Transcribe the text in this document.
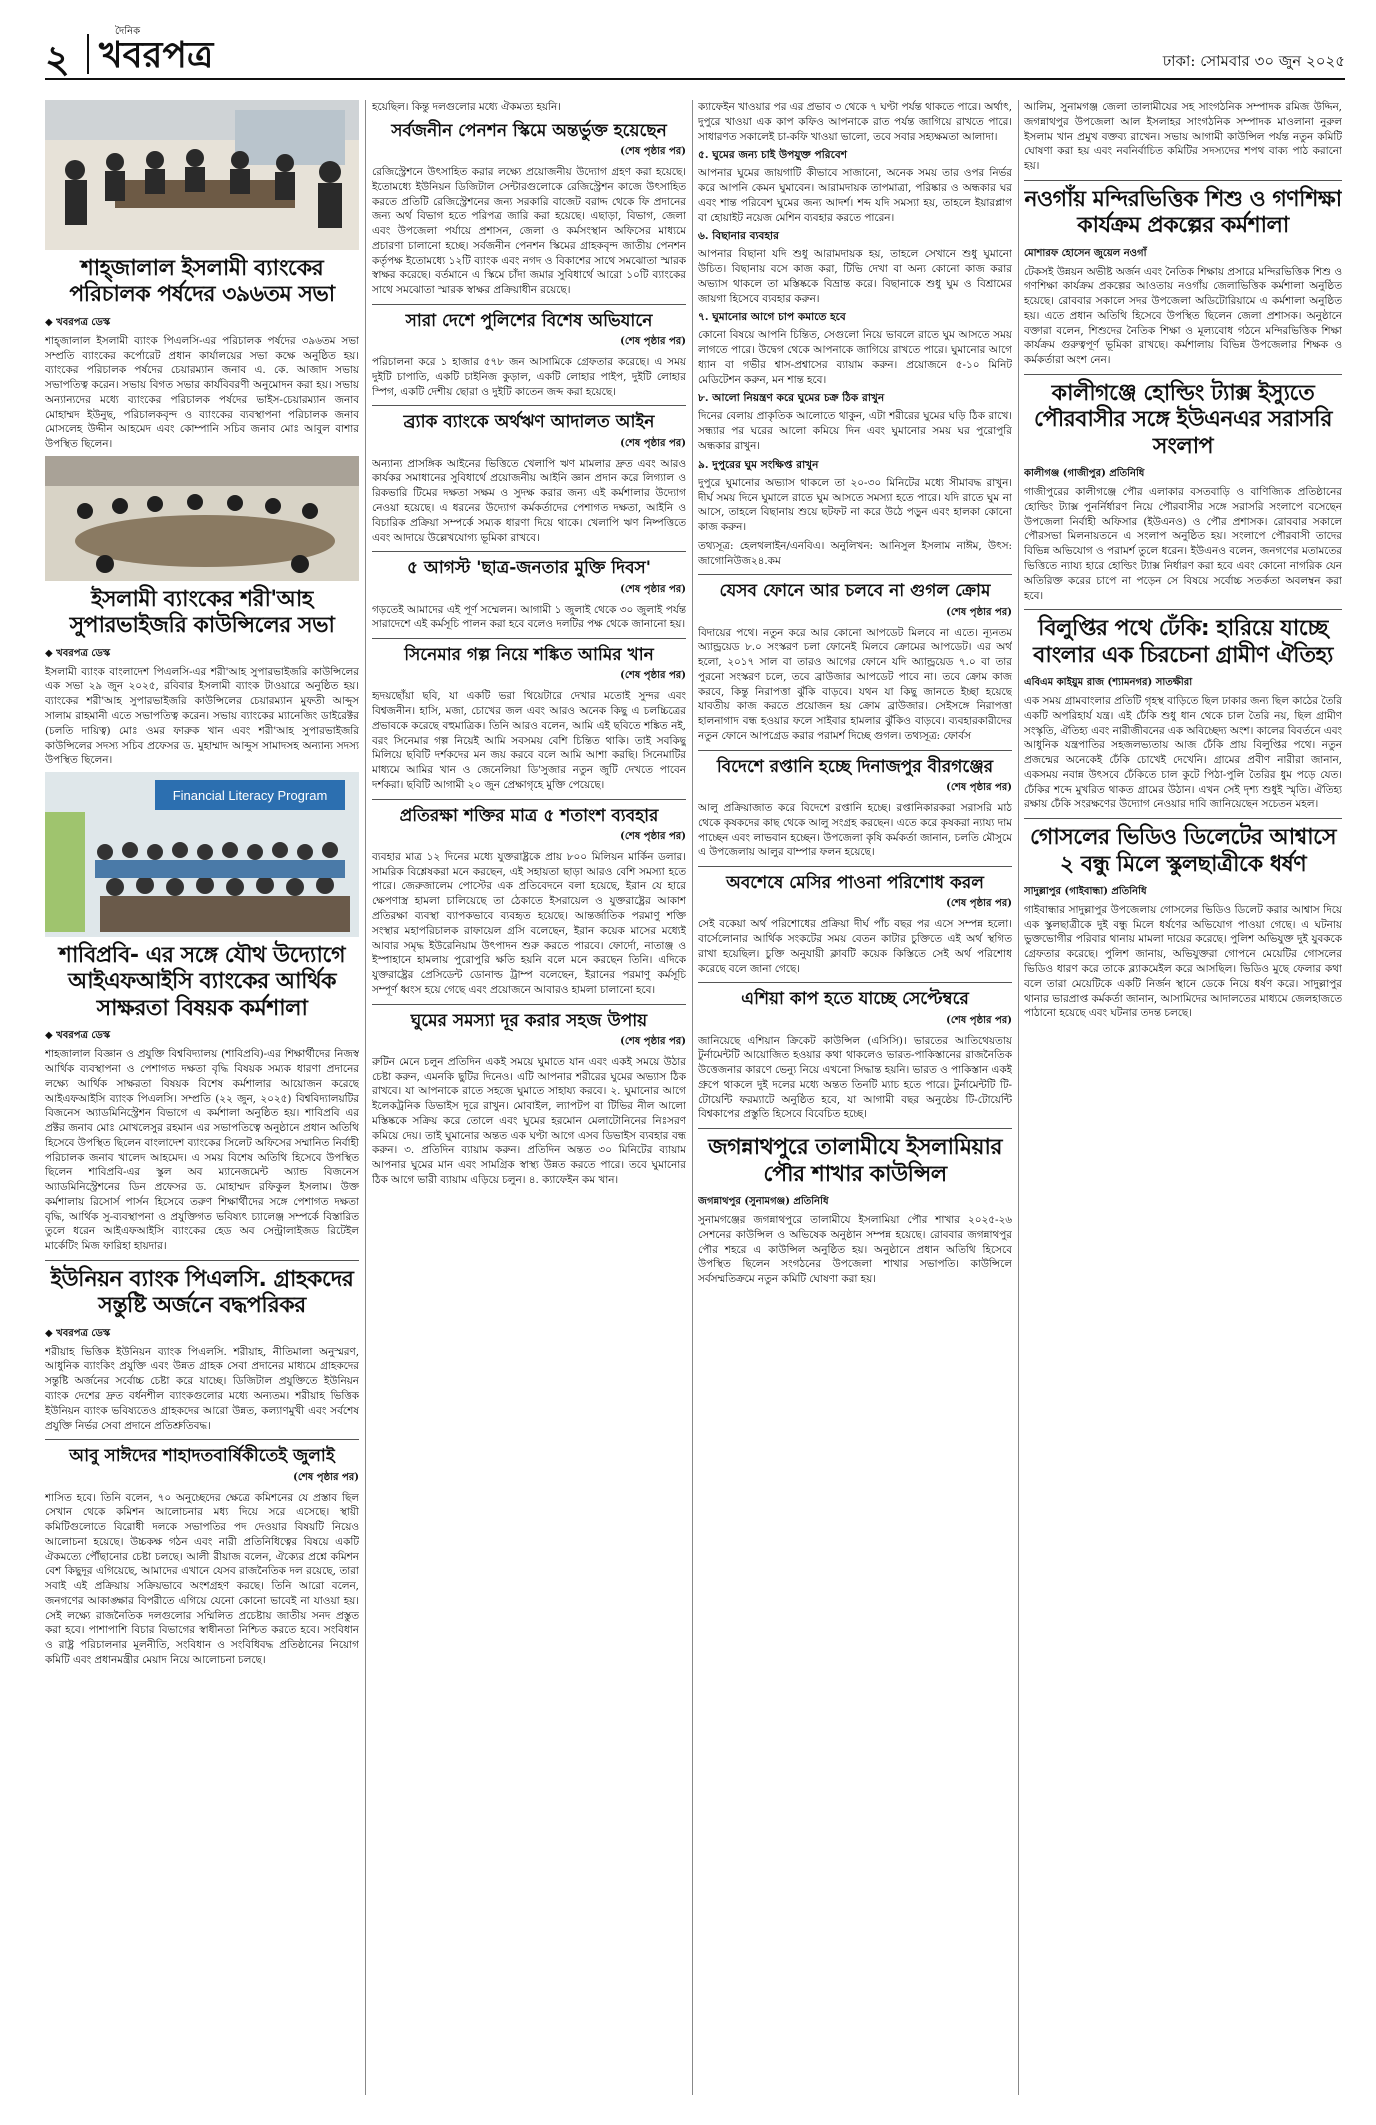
২
দৈনিক
খবরপত্র	ঢাকা: সোমবার ৩০ জুন ২০২৫
শাহ্জালাল ইসলামী ব্যাংকের পরিচালক পর্ষদের ৩৯৬তম সভা
◆ খবরপত্র ডেস্ক
শাহ্জালাল ইসলামী ব্যাংক পিএলসি-এর পরিচালক পর্ষদের ৩৯৬তম সভা সম্প্রতি ব্যাংকের কর্পোরেট প্রধান কার্যালয়ের সভা কক্ষে অনুষ্ঠিত হয়। ব্যাংকের পরিচালক পর্ষদের চেয়ারম্যান জনাব এ. কে. আজাদ সভায় সভাপতিত্ব করেন। সভায় বিগত সভার কার্যবিবরণী অনুমোদন করা হয়। সভায় অন্যান্যদের মধ্যে ব্যাংকের পরিচালক পর্ষদের ভাইস-চেয়ারম্যান জনাব মোহাম্মদ ইউনুছ, পরিচালকবৃন্দ ও ব্যাংকের ব্যবস্থাপনা পরিচালক জনাব মোসলেহ উদ্দীন আহমেদ এবং কোম্পানি সচিব জনাব মোঃ আবুল বাশার উপস্থিত ছিলেন।
ইসলামী ব্যাংকের শরী'আহ সুপারভাইজরি কাউন্সিলের সভা
◆ খবরপত্র ডেস্ক
ইসলামী ব্যাংক বাংলাদেশ পিএলসি-এর শরী'আহ সুপারভাইজরি কাউন্সিলের এক সভা ২৯ জুন ২০২৫, রবিবার ইসলামী ব্যাংক টাওয়ারে অনুষ্ঠিত হয়। ব্যাংকের শরী'আহ সুপারভাইজরি কাউন্সিলের চেয়ারম্যান মুফতী আব্দুস সালাম রাহমানী এতে সভাপতিত্ব করেন। সভায় ব্যাংকের ম্যানেজিং ডাইরেক্টর (চলতি দায়িত্ব) মোঃ ওমর ফারুক খান এবং শরী'আহ সুপারভাইজরি কাউন্সিলের সদস্য সচিব প্রফেসর ড. মুহাম্মাদ আব্দুস সামাদসহ অন্যান্য সদস্য উপস্থিত ছিলেন।
Financial Literacy Program
শাবিপ্রবি- এর সঙ্গে যৌথ উদ্যোগে আইএফআইসি ব্যাংকের আর্থিক সাক্ষরতা বিষয়ক কর্মশালা
◆ খবরপত্র ডেস্ক
শাহজালাল বিজ্ঞান ও প্রযুক্তি বিশ্ববিদ্যালয় (শাবিপ্রবি)-এর শিক্ষার্থীদের নিজস্ব আর্থিক ব্যবস্থাপনা ও পেশাগত দক্ষতা বৃদ্ধি বিষয়ক সম্যক ধারণা প্রদানের লক্ষ্যে আর্থিক সাক্ষরতা বিষয়ক বিশেষ কর্মশালার আয়োজন করেছে আইএফআইসি ব্যাংক পিএলসি। সম্প্রতি (২২ জুন, ২০২৫) বিশ্ববিদ্যালয়টির বিজনেস অ্যাডমিনিস্ট্রেশন বিভাগে এ কর্মশালা অনুষ্ঠিত হয়। শাবিপ্রবি এর প্রক্টর জনাব মোঃ মোখলেসুর রহমান এর সভাপতিত্বে অনুষ্ঠানে প্রধান অতিথি হিসেবে উপস্থিত ছিলেন বাংলাদেশ ব্যাংকের সিলেট অফিসের সম্মানিত নির্বাহী পরিচালক জনাব খালেদ আহমেদ। এ সময় বিশেষ অতিথি হিসেবে উপস্থিত ছিলেন শাবিপ্রবি-এর স্কুল অব ম্যানেজমেন্ট অ্যান্ড বিজনেস অ্যাডমিনিস্ট্রেশনের ডিন প্রফেসর ড. মোহাম্মদ রফিকুল ইসলাম। উক্ত কর্মশালায় রিসোর্স পার্সন হিসেবে তরুণ শিক্ষার্থীদের সঙ্গে পেশাগত দক্ষতা বৃদ্ধি, আর্থিক সু-ব্যবস্থাপনা ও প্রযুক্তিগত ভবিষ্যৎ চ্যালেঞ্জ সম্পর্কে বিস্তারিত তুলে ধরেন আইএফআইসি ব্যাংকের হেড অব সেন্ট্রালাইজড রিটেইল মার্কেটিং মিজ ফারিহা হায়দার।
ইউনিয়ন ব্যাংক পিএলসি. গ্রাহকদের সন্তুষ্টি অর্জনে বদ্ধপরিকর
◆ খবরপত্র ডেস্ক
শরীয়াহ ভিত্তিক ইউনিয়ন ব্যাংক পিএলসি. শরীয়াহ, নীতিমালা অনুস্মরণ, আধুনিক ব্যাংকিং প্রযুক্তি এবং উন্নত গ্রাহক সেবা প্রদানের মাধ্যমে গ্রাহকদের সন্তুষ্টি অর্জনের সর্বোচ্চ চেষ্টা করে যাচ্ছে। ডিজিটাল প্রযুক্তিতে ইউনিয়ন ব্যাংক দেশের দ্রুত বর্ধনশীল ব্যাংকগুলোর মধ্যে অন্যতম। শরীয়াহ ভিত্তিক ইউনিয়ন ব্যাংক ভবিষ্যতেও গ্রাহকদের আরো উন্নত, কল্যাণমুখী এবং সর্বশেষ প্রযুক্তি নির্ভর সেবা প্রদানে প্রতিশ্রুতিবদ্ধ।
আবু সাঈদের শাহাদতবার্ষিকীতেই জুলাই
(শেষ পৃষ্ঠার পর)
শাসিত হবে। তিনি বলেন, ৭০ অনুচ্ছেদের ক্ষেত্রে কমিশনের যে প্রস্তাব ছিল সেখান থেকে কমিশন আলোচনার মধ্য দিয়ে সরে এসেছে। স্থায়ী কমিটিগুলোতে বিরোধী দলকে সভাপতির পদ দেওয়ার বিষয়টি নিয়েও আলোচনা হয়েছে। উচ্চকক্ষ গঠন এবং নারী প্রতিনিধিত্বের বিষয়ে একটি ঐকমত্যে পৌঁছানোর চেষ্টা চলছে। আলী রীয়াজ বলেন, ঐক্যের প্রশ্নে কমিশন বেশ কিছুদূর এগিয়েছে, আমাদের এখানে যেসব রাজনৈতিক দল রয়েছে, তারা সবাই এই প্রক্রিয়ায় সক্রিয়ভাবে অংশগ্রহণ করছে। তিনি আরো বলেন, জনগণের আকাঙ্ক্ষার বিপরীতে এগিয়ে যেনো কোনো ভাবেই না যাওয়া হয়। সেই লক্ষ্যে রাজনৈতিক দলগুলোর সম্মিলিত প্রচেষ্টায় জাতীয় সনদ প্রস্তুত করা হবে। পাশাপাশি বিচার বিভাগের স্বাধীনতা নিশ্চিত করতে হবে। সংবিধান ও রাষ্ট্র পরিচালনার মূলনীতি, সংবিধান ও সংবিধিবদ্ধ প্রতিষ্ঠানের নিয়োগ কমিটি এবং প্রধানমন্ত্রীর মেয়াদ নিয়ে আলোচনা চলছে।
হয়েছিল। কিন্তু দলগুলোর মধ্যে ঐকমত্য হয়নি।
সর্বজনীন পেনশন স্কিমে অন্তর্ভুক্ত হয়েছেন
(শেষ পৃষ্ঠার পর)
রেজিস্ট্রেশনে উৎসাহিত করার লক্ষ্যে প্রয়োজনীয় উদ্যোগ গ্রহণ করা হয়েছে। ইতোমধ্যে ইউনিয়ন ডিজিটাল সেন্টারগুলোকে রেজিস্ট্রেশন কাজে উৎসাহিত করতে প্রতিটি রেজিস্ট্রেশনের জন্য সরকারি বাজেট বরাদ্দ থেকে ফি প্রদানের জন্য অর্থ বিভাগ হতে পরিপত্র জারি করা হয়েছে। এছাড়া, বিভাগ, জেলা এবং উপজেলা পর্যায়ে প্রশাসন, জেলা ও কর্মসংস্থান অফিসের মাধ্যমে প্রচারণা চালানো হচ্ছে। সর্বজনীন পেনশন স্কিমের গ্রাহকবৃন্দ জাতীয় পেনশন কর্তৃপক্ষ ইতোমধ্যে ১২টি ব্যাংক এবং নগদ ও বিকাশের সাথে সমঝোতা স্মারক স্বাক্ষর করেছে। বর্তমানে এ স্কিমে চাঁদা জমার সুবিধার্থে আরো ১০টি ব্যাংকের সাথে সমঝোতা স্মারক স্বাক্ষর প্রক্রিয়াধীন রয়েছে।
সারা দেশে পুলিশের বিশেষ অভিযানে
(শেষ পৃষ্ঠার পর)
পরিচালনা করে ১ হাজার ৫৭৮ জন আসামিকে গ্রেফতার করেছে। এ সময় দুইটি চাপাতি, একটি চাইনিজ কুড়াল, একটি লোহার পাইপ, দুইটি লোহার স্পিগ, একটি দেশীয় ছোরা ও দুইটি কাতেন জব্দ করা হয়েছে।
ব্র্যাক ব্যাংকে অর্থঋণ আদালত আইন
(শেষ পৃষ্ঠার পর)
অন্যান্য প্রাসঙ্গিক আইনের ভিত্তিতে খেলাপি ঋণ মামলার দ্রুত এবং আরও কার্যকর সমাধানের সুবিধার্থে প্রয়োজনীয় আইনি জ্ঞান প্রদান করে লিগ্যাল ও রিকভারি টিমের দক্ষতা সক্ষম ও সুদক্ষ করার জন্য এই কর্মশালার উদ্যোগ নেওয়া হয়েছে। এ ধরনের উদ্যোগ কর্মকর্তাদের পেশাগত দক্ষতা, আইনি ও বিচারিক প্রক্রিয়া সম্পর্কে সম্যক ধারণা দিয়ে থাকে। খেলাপি ঋণ নিষ্পত্তিতে এবং আদায়ে উল্লেখযোগ্য ভূমিকা রাখবে।
৫ আগস্ট 'ছাত্র-জনতার মুক্তি দিবস'
(শেষ পৃষ্ঠার পর)
গড়তেই আমাদের এই পূর্ণ সম্মেলন। আগামী ১ জুলাই থেকে ৩০ জুলাই পর্যন্ত সারাদেশে এই কর্মসূচি পালন করা হবে বলেও দলটির পক্ষ থেকে জানানো হয়।
সিনেমার গল্প নিয়ে শঙ্কিত আমির খান
(শেষ পৃষ্ঠার পর)
হৃদয়ছোঁয়া ছবি, যা একটি ভরা থিয়েটারে দেখার মতোই সুন্দর এবং বিশ্বজনীন। হাসি, মজা, চোখের জল এবং আরও অনেক কিছু এ চলচ্চিত্রের প্রভাবকে করেছে বহুমাত্রিক। তিনি আরও বলেন, আমি এই ছবিতে শঙ্কিত নই, বরং সিনেমার গল্প নিয়েই আমি সবসময় বেশি চিন্তিত থাকি। তাই সবকিছু মিলিয়ে ছবিটি দর্শকদের মন জয় করবে বলে আমি আশা করছি। সিনেমাটির মাধ্যমে আমির খান ও জেনেলিয়া ডি'সুজার নতুন জুটি দেখতে পাবেন দর্শকরা। ছবিটি আগামী ২০ জুন প্রেক্ষাগৃহে মুক্তি পেয়েছে।
প্রতিরক্ষা শক্তির মাত্র ৫ শতাংশ ব্যবহার
(শেষ পৃষ্ঠার পর)
ব্যবহার মাত্র ১২ দিনের মধ্যে যুক্তরাষ্ট্রকে প্রায় ৮০০ মিলিয়ন মার্কিন ডলার। সামরিক বিশ্লেষকরা মনে করছেন, এই সহায়তা ছাড়া আরও বেশি সমস্যা হতে পারে। জেরুজালেম পোস্টের এক প্রতিবেদনে বলা হয়েছে, ইরান যে হারে ক্ষেপণাস্ত্র হামলা চালিয়েছে তা ঠেকাতে ইসরায়েল ও যুক্তরাষ্ট্রের আকাশ প্রতিরক্ষা ব্যবস্থা ব্যাপকভাবে ব্যবহৃত হয়েছে। আন্তর্জাতিক পরমাণু শক্তি সংস্থার মহাপরিচালক রাফায়েল গ্রসি বলেছেন, ইরান কয়েক মাসের মধ্যেই আবার সমৃদ্ধ ইউরেনিয়াম উৎপাদন শুরু করতে পারবে। ফোর্দো, নাতাঞ্জ ও ইস্পাহানে হামলায় পুরোপুরি ক্ষতি হয়নি বলে মনে করছেন তিনি। এদিকে যুক্তরাষ্ট্রের প্রেসিডেন্ট ডোনাল্ড ট্রাম্প বলেছেন, ইরানের পরমাণু কর্মসূচি সম্পূর্ণ ধ্বংস হয়ে গেছে এবং প্রয়োজনে আবারও হামলা চালানো হবে।
ঘুমের সমস্যা দূর করার সহজ উপায়
(শেষ পৃষ্ঠার পর)
রুটিন মেনে চলুন প্রতিদিন একই সময়ে ঘুমাতে যান এবং একই সময়ে উঠার চেষ্টা করুন, এমনকি ছুটির দিনেও। এটি আপনার শরীরের ঘুমের অভ্যাস ঠিক রাখবে। যা আপনাকে রাতে সহজে ঘুমাতে সাহায্য করবে। ২. ঘুমানোর আগে ইলেকট্রনিক ডিভাইস দূরে রাখুন। মোবাইল, ল্যাপটপ বা টিভির নীল আলো মস্তিষ্ককে সক্রিয় করে তোলে এবং ঘুমের হরমোন মেলাটোনিনের নিঃসরণ কমিয়ে দেয়। তাই ঘুমানোর অন্তত এক ঘণ্টা আগে এসব ডিভাইস ব্যবহার বন্ধ করুন। ৩. প্রতিদিন ব্যায়াম করুন। প্রতিদিন অন্তত ৩০ মিনিটের ব্যায়াম আপনার ঘুমের মান এবং সামগ্রিক স্বাস্থ্য উন্নত করতে পারে। তবে ঘুমানোর ঠিক আগে ভারী ব্যায়াম এড়িয়ে চলুন। ৪. ক্যাফেইন কম খান।
ক্যাফেইন খাওয়ার পর এর প্রভাব ৩ থেকে ৭ ঘণ্টা পর্যন্ত থাকতে পারে। অর্থাৎ, দুপুরে খাওয়া এক কাপ কফিও আপনাকে রাত পর্যন্ত জাগিয়ে রাখতে পারে। সাধারণত সকালেই চা-কফি খাওয়া ভালো, তবে সবার সহ্যক্ষমতা আলাদা।
৫. ঘুমের জন্য চাই উপযুক্ত পরিবেশ
আপনার ঘুমের জায়গাটি কীভাবে সাজানো, অনেক সময় তার ওপর নির্ভর করে আপনি কেমন ঘুমাবেন। আরামদায়ক তাপমাত্রা, পরিষ্কার ও অন্ধকার ঘর এবং শান্ত পরিবেশ ঘুমের জন্য আদর্শ। শব্দ যদি সমস্যা হয়, তাহলে ইয়ারপ্লাগ বা হোয়াইট নয়েজ মেশিন ব্যবহার করতে পারেন।
৬. বিছানার ব্যবহার
আপনার বিছানা যদি শুধু আরামদায়ক হয়, তাহলে সেখানে শুধু ঘুমানো উচিত। বিছানায় বসে কাজ করা, টিভি দেখা বা অন্য কোনো কাজ করার অভ্যাস থাকলে তা মস্তিষ্ককে বিভ্রান্ত করে। বিছানাকে শুধু ঘুম ও বিশ্রামের জায়গা হিসেবে ব্যবহার করুন।
৭. ঘুমানোর আগে চাপ কমাতে হবে
কোনো বিষয়ে আপনি চিন্তিত, সেগুলো নিয়ে ভাবলে রাতে ঘুম আসতে সময় লাগতে পারে। উদ্বেগ থেকে আপনাকে জাগিয়ে রাখতে পারে। ঘুমানোর আগে ধ্যান বা গভীর শ্বাস-প্রশ্বাসের ব্যায়াম করুন। প্রয়োজনে ৫-১০ মিনিট মেডিটেশন করুন, মন শান্ত হবে।
৮. আলো নিয়ন্ত্রণ করে ঘুমের চক্র ঠিক রাখুন
দিনের বেলায় প্রাকৃতিক আলোতে থাকুন, এটা শরীরের ঘুমের ঘড়ি ঠিক রাখে। সন্ধ্যার পর ঘরের আলো কমিয়ে দিন এবং ঘুমানোর সময় ঘর পুরোপুরি অন্ধকার রাখুন।
৯. দুপুরের ঘুম সংক্ষিপ্ত রাখুন
দুপুরে ঘুমানোর অভ্যাস থাকলে তা ২০-৩০ মিনিটের মধ্যে সীমাবদ্ধ রাখুন। দীর্ঘ সময় দিনে ঘুমালে রাতে ঘুম আসতে সমস্যা হতে পারে। যদি রাতে ঘুম না আসে, তাহলে বিছানায় শুয়ে ছটফট না করে উঠে পড়ুন এবং হালকা কোনো কাজ করুন।
তথ্যসূত্র: হেলথলাইন/এনবিএ। অনুলিখন: আনিসুল ইসলাম নাঈম, উৎস: জাগোনিউজ২৪.কম
যেসব ফোনে আর চলবে না গুগল ক্রোম
(শেষ পৃষ্ঠার পর)
বিদায়ের পথে। নতুন করে আর কোনো আপডেট মিলবে না এতে। ন্যূনতম অ্যান্ড্রয়েড ৮.০ সংস্করণ চলা ফোনেই মিলবে ক্রোমের আপডেট। এর অর্থ হলো, ২০১৭ সাল বা তারও আগের ফোনে যদি অ্যান্ড্রয়েড ৭.০ বা তার পুরনো সংস্করণ চলে, তবে ব্রাউজার আপডেট পাবে না। তবে ক্রোম কাজ করবে, কিন্তু নিরাপত্তা ঝুঁকি বাড়বে। যথন যা কিছু জানতে ইচ্ছা হয়েছে যাবতীয় কাজ করতে প্রয়োজন হয় ক্রোম ব্রাউজার। সেইসঙ্গে নিরাপত্তা হালনাগাদ বন্ধ হওয়ার ফলে সাইবার হামলার ঝুঁকিও বাড়বে। ব্যবহারকারীদের নতুন ফোনে আপগ্রেড করার পরামর্শ দিচ্ছে গুগল। তথ্যসূত্র: ফোর্বস
বিদেশে রপ্তানি হচ্ছে দিনাজপুর বীরগঞ্জের
(শেষ পৃষ্ঠার পর)
আলু প্রক্রিয়াজাত করে বিদেশে রপ্তানি হচ্ছে। রপ্তানিকারকরা সরাসরি মাঠ থেকে কৃষকদের কাছ থেকে আলু সংগ্রহ করছেন। এতে করে কৃষকরা ন্যায্য দাম পাচ্ছেন এবং লাভবান হচ্ছেন। উপজেলা কৃষি কর্মকর্তা জানান, চলতি মৌসুমে এ উপজেলায় আলুর বাম্পার ফলন হয়েছে।
অবশেষে মেসির পাওনা পরিশোধ করল
(শেষ পৃষ্ঠার পর)
সেই বকেয়া অর্থ পরিশোধের প্রক্রিয়া দীর্ঘ পাঁচ বছর পর এসে সম্পন্ন হলো। বার্সেলোনার আর্থিক সংকটের সময় বেতন কাটার চুক্তিতে এই অর্থ স্থগিত রাখা হয়েছিল। চুক্তি অনুযায়ী ক্লাবটি কয়েক কিস্তিতে সেই অর্থ পরিশোধ করেছে বলে জানা গেছে।
এশিয়া কাপ হতে যাচ্ছে সেপ্টেম্বরে
(শেষ পৃষ্ঠার পর)
জানিয়েছে এশিয়ান ক্রিকেট কাউন্সিল (এসিসি)। ভারতের আতিথেয়তায় টুর্নামেন্টটি আয়োজিত হওয়ার কথা থাকলেও ভারত-পাকিস্তানের রাজনৈতিক উত্তেজনার কারণে ভেন্যু নিয়ে এখনো সিদ্ধান্ত হয়নি। ভারত ও পাকিস্তান একই গ্রুপে থাকলে দুই দলের মধ্যে অন্তত তিনটি ম্যাচ হতে পারে। টুর্নামেন্টটি টি-টোয়েন্টি ফরম্যাটে অনুষ্ঠিত হবে, যা আগামী বছর অনুষ্ঠেয় টি-টোয়েন্টি বিশ্বকাপের প্রস্তুতি হিসেবে বিবেচিত হচ্ছে।
জগন্নাথপুরে তালামীযে ইসলামিয়ার পৌর শাখার কাউন্সিল
জগন্নাথপুর (সুনামগঞ্জ) প্রতিনিধি
সুনামগঞ্জের জগন্নাথপুরে তালামীযে ইসলামিয়া পৌর শাখার ২০২৫-২৬ সেশনের কাউন্সিল ও অভিষেক অনুষ্ঠান সম্পন্ন হয়েছে। রোববার জগন্নাথপুর পৌর শহরে এ কাউন্সিল অনুষ্ঠিত হয়। অনুষ্ঠানে প্রধান অতিথি হিসেবে উপস্থিত ছিলেন সংগঠনের উপজেলা শাখার সভাপতি। কাউন্সিলে সর্বসম্মতিক্রমে নতুন কমিটি ঘোষণা করা হয়।
আলিম, সুনামগঞ্জ জেলা তালামীযের সহ সাংগঠনিক সম্পাদক রমিজ উদ্দিন, জগন্নাথপুর উপজেলা আল ইসলাহর সাংগঠনিক সম্পাদক মাওলানা নুরুল ইসলাম খান প্রমুখ বক্তব্য রাখেন। সভায় আগামী কাউন্সিল পর্যন্ত নতুন কমিটি ঘোষণা করা হয় এবং নবনির্বাচিত কমিটির সদস্যদের শপথ বাক্য পাঠ করানো হয়।
নওগাঁয় মন্দিরভিত্তিক শিশু ও গণশিক্ষা কার্যক্রম প্রকল্পের কর্মশালা
মোশারফ হোসেন জুয়েল নওগাঁ
টেকসই উন্নয়ন অভীষ্ট অর্জন এবং নৈতিক শিক্ষায় প্রসারে মন্দিরভিত্তিক শিশু ও গণশিক্ষা কার্যক্রম প্রকল্পের আওতায় নওগাঁয় জেলাভিত্তিক কর্মশালা অনুষ্ঠিত হয়েছে। রোববার সকালে সদর উপজেলা অডিটোরিয়ামে এ কর্মশালা অনুষ্ঠিত হয়। এতে প্রধান অতিথি হিসেবে উপস্থিত ছিলেন জেলা প্রশাসক। অনুষ্ঠানে বক্তারা বলেন, শিশুদের নৈতিক শিক্ষা ও মূল্যবোধ গঠনে মন্দিরভিত্তিক শিক্ষা কার্যক্রম গুরুত্বপূর্ণ ভূমিকা রাখছে। কর্মশালায় বিভিন্ন উপজেলার শিক্ষক ও কর্মকর্তারা অংশ নেন।
কালীগঞ্জে হোল্ডিং ট্যাক্স ইস্যুতে পৌরবাসীর সঙ্গে ইউএনএর সরাসরি সংলাপ
কালীগঞ্জ (গাজীপুর) প্রতিনিধি
গাজীপুরের কালীগঞ্জে পৌর এলাকার বসতবাড়ি ও বাণিজ্যিক প্রতিষ্ঠানের হোল্ডিং ট্যাক্স পুনর্নির্ধারণ নিয়ে পৌরবাসীর সঙ্গে সরাসরি সংলাপে বসেছেন উপজেলা নির্বাহী অফিসার (ইউএনও) ও পৌর প্রশাসক। রোববার সকালে পৌরসভা মিলনায়তনে এ সংলাপ অনুষ্ঠিত হয়। সংলাপে পৌরবাসী তাদের বিভিন্ন অভিযোগ ও পরামর্শ তুলে ধরেন। ইউএনও বলেন, জনগণের মতামতের ভিত্তিতে ন্যায্য হারে হোল্ডিং ট্যাক্স নির্ধারণ করা হবে এবং কোনো নাগরিক যেন অতিরিক্ত করের চাপে না পড়েন সে বিষয়ে সর্বোচ্চ সতর্কতা অবলম্বন করা হবে।
বিলুপ্তির পথে ঢেঁকি: হারিয়ে যাচ্ছে বাংলার এক চিরচেনা গ্রামীণ ঐতিহ্য
এবিএম কাইয়ুম রাজ (শ্যামনগর) সাতক্ষীরা
এক সময় গ্রামবাংলার প্রতিটি গৃহস্থ বাড়িতে ছিল ঢাকার জন্য ছিল কাঠের তৈরি একটি অপরিহার্য যন্ত্র। এই ঢেঁকি শুধু ধান থেকে চাল তৈরি নয়, ছিল গ্রামীণ সংস্কৃতি, ঐতিহ্য এবং নারীজীবনের এক অবিচ্ছেদ্য অংশ। কালের বিবর্তনে এবং আধুনিক যন্ত্রপাতির সহজলভ্যতায় আজ ঢেঁকি প্রায় বিলুপ্তির পথে। নতুন প্রজন্মের অনেকেই ঢেঁকি চোখেই দেখেনি। গ্রামের প্রবীণ নারীরা জানান, একসময় নবান্ন উৎসবে ঢেঁকিতে চাল কুটে পিঠা-পুলি তৈরির ধুম পড়ে যেত। ঢেঁকির শব্দে মুখরিত থাকত গ্রামের উঠান। এখন সেই দৃশ্য শুধুই স্মৃতি। ঐতিহ্য রক্ষায় ঢেঁকি সংরক্ষণের উদ্যোগ নেওয়ার দাবি জানিয়েছেন সচেতন মহল।
গোসলের ভিডিও ডিলেটের আশ্বাসে ২ বন্ধু মিলে স্কুলছাত্রীকে ধর্ষণ
সাদুল্লাপুর (গাইবান্ধা) প্রতিনিধি
গাইবান্ধার সাদুল্লাপুর উপজেলায় গোসলের ভিডিও ডিলেট করার আশ্বাস দিয়ে এক স্কুলছাত্রীকে দুই বন্ধু মিলে ধর্ষণের অভিযোগ পাওয়া গেছে। এ ঘটনায় ভুক্তভোগীর পরিবার থানায় মামলা দায়ের করেছে। পুলিশ অভিযুক্ত দুই যুবককে গ্রেফতার করেছে। পুলিশ জানায়, অভিযুক্তরা গোপনে মেয়েটির গোসলের ভিডিও ধারণ করে তাকে ব্ল্যাকমেইল করে আসছিল। ভিডিও মুছে ফেলার কথা বলে তারা মেয়েটিকে একটি নির্জন স্থানে ডেকে নিয়ে ধর্ষণ করে। সাদুল্লাপুর থানার ভারপ্রাপ্ত কর্মকর্তা জানান, আসামিদের আদালতের মাধ্যমে জেলহাজতে পাঠানো হয়েছে এবং ঘটনার তদন্ত চলছে।
